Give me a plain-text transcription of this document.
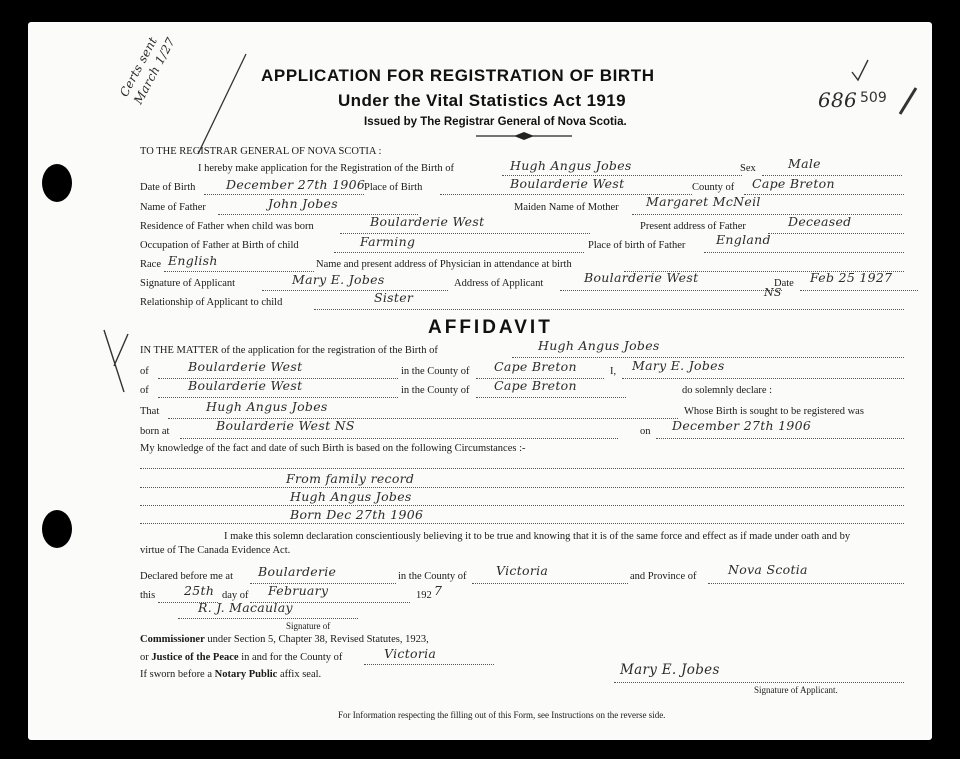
Certs sent March 1/27	686 509
APPLICATION FOR REGISTRATION OF BIRTH
Under the Vital Statistics Act 1919
Issued by The Registrar General of Nova Scotia.
TO THE REGISTRAR GENERAL OF NOVA SCOTIA :
I hereby make application for the Registration of the Birth of	Hugh Angus Jobes	Sex	Male
Date of Birth December 27th 1906
Place of Birth	Boularderie West	County of Cape Breton
Name of Father	John Jobes	Maiden Name of Mother Margaret McNeil
Residence of Father when child was born	Boularderie West	Present address of Father	Deceased
Occupation of Father at Birth of child	Farming	Place of birth of Father England
Race English	Name and present address of Physician in attendance at birth
Signature of Applicant	Mary E. Jobes	Address of Applicant	Boularderie West	Date Feb 25 1927
Relationship of Applicant to child	Sister	NS
AFFIDAVIT
IN THE MATTER of the application for the registration of the Birth of	Hugh Angus Jobes
of	Boularderie West	in the County of Cape Breton	I, Mary E. Jobes
of	Boularderie West	in the County of Cape Breton	do solemnly declare :
That	Hugh Angus Jobes	Whose Birth is sought to be registered was
born at	Boularderie West NS	on December 27th 1906
My knowledge of the fact and date of such Birth is based on the following Circumstances :-
From family record
Hugh Angus Jobes
Born Dec 27th 1906
I make this solemn declaration conscientiously believing it to be true and knowing that it is of the same force and effect as if made under oath and by
virtue of The Canada Evidence Act.
Declared before me at Boularderie	in the County of Victoria	and Province of	Nova Scotia
this 25th day of February	192 7
R. J. Macaulay
Signature of
Commissioner under Section 5, Chapter 38, Revised Statutes, 1923,
or Justice of the Peace in and for the County of	Victoria
If sworn before a Notary Public affix seal.	Mary E. Jobes
Signature of Applicant.
For Information respecting the filling out of this Form, see Instructions on the reverse side.
